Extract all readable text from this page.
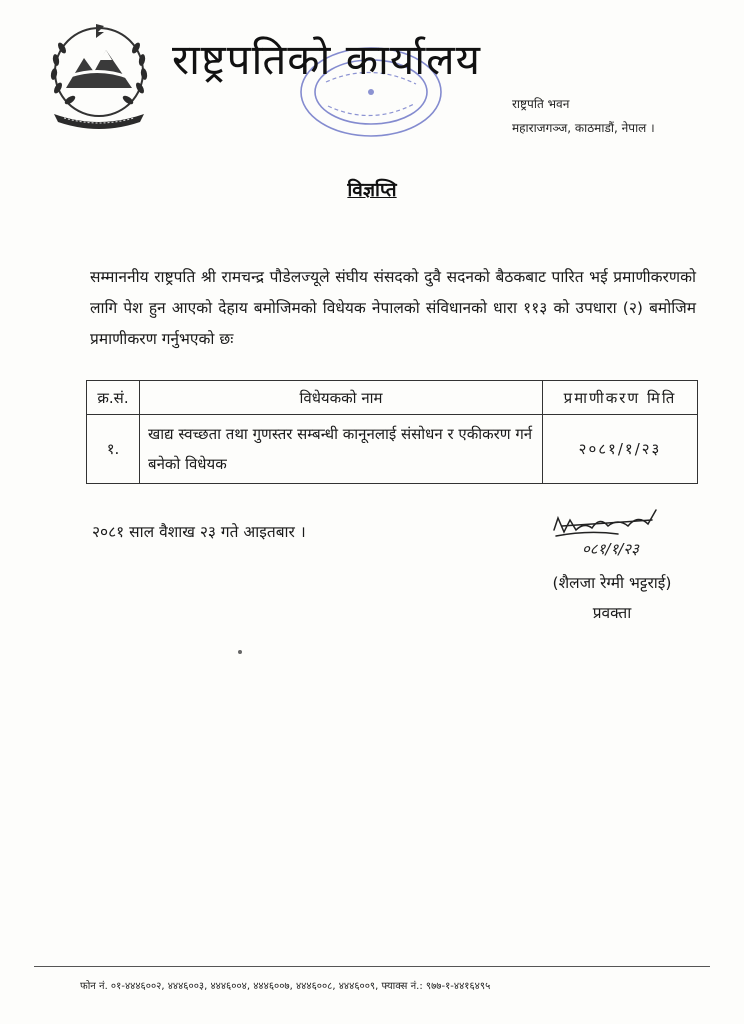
राष्ट्रपतिको कार्यालय
राष्ट्रपति भवन
महाराजगञ्ज, काठमाडौं, नेपाल ।
विज्ञप्ति
सम्माननीय राष्ट्रपति श्री रामचन्द्र पौडेलज्यूले संघीय संसदको दुवै सदनको बैठकबाट पारित भई प्रमाणीकरणको लागि पेश हुन आएको देहाय बमोजिमको विधेयक नेपालको संविधानको धारा ११३ को उपधारा (२) बमोजिम प्रमाणीकरण गर्नुभएको छः
क्र.सं.	विधेयकको नाम	प्रमाणीकरण मिति
१.	खाद्य स्वच्छता तथा गुणस्तर सम्बन्धी कानूनलाई संसोधन र एकीकरण गर्न बनेको विधेयक	२०८१/१/२३
२०८१ साल वैशाख २३ गते आइतबार ।
०८१/१/२३
(शैलजा रेग्मी भट्टराई)
प्रवक्ता
फोन नं. ०१-४४४६००२, ४४४६००३, ४४४६००४, ४४४६००७, ४४४६००८, ४४४६००९, फ्याक्स नं.: ९७७-१-४४१६४९५
